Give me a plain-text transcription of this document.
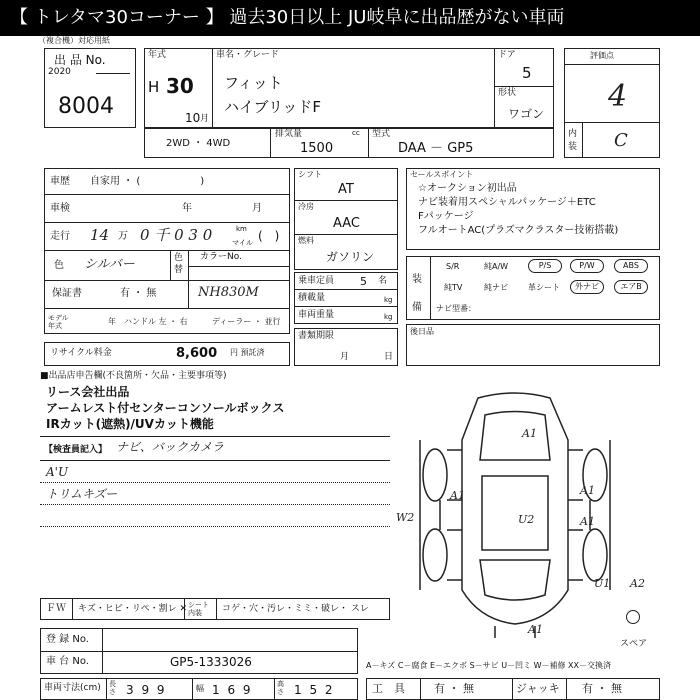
【 トレタマ30コーナー 】 過去30日以上 JU岐阜に出品歴がない車両
（複合機）対応用紙
出 品 No.
2020
8004
年式
H 30
10 月
車名・グレード
フィット
ハイブリッドF
ドア
5
形状
ワゴン
評価点
4
内装 C
2WD ・ 4WD
排気量	cc
1500
型式
DAA － GP5
車歴 自家用 ・ (　　　　　　)
車検	年	月
走行 14 万 0 千 0 3 0	km
マイル (　)
色 シルバー	色替
カラーNo.
保証書	有 ・ 無	NH830M
モデル年式	年 ハンドル 左 ・ 右	ディーラー ・ 並行
リサイクル料金	8,600 円 預託済
シフト
AT
冷房
AAC
燃料
ガソリン
乗車定員 5 名
積載量	kg
車両重量	kg
書類期限
月	日
セールスポイント
☆オークション初出品
ナビ装着用スペシャルパッケージ＋ETC
Fパッケージ
フルオートAC(プラズマクラスター技術搭載)
装備
S/R	純A/W	P/S	P/W	ABS
純TV	純ナビ	革シート	外ナビ	エアB
ナビ型番：
後日品
■出品店申告欄(不良箇所・欠品・主要事項等)
リース会社出品
アームレスト付センターコンソールボックス
IRカット(遮熱)/UVカット機能
【検査員記入】 ナビ、バックカメラ
A'U
トリムキズー
A1
A1
U2
A1
A1
W2
U1 A2
A1
スペア
ＦＷ キズ・ヒビ・リペ・割レ ✕ シート内装	コゲ・穴・汚レ・ミミ・破レ・ スレ
登 録 No.
車 台 No.	GP5-1333026	A－キズ C－腐食 E－エクボ S－サビ U－凹ミ W－補修 XX－交換済
車両寸法(cm) 長さ 3 9 9	幅 1 6 9	高さ 1 5 2	工　具	有 ・ 無	ジャッキ 有 ・ 無
